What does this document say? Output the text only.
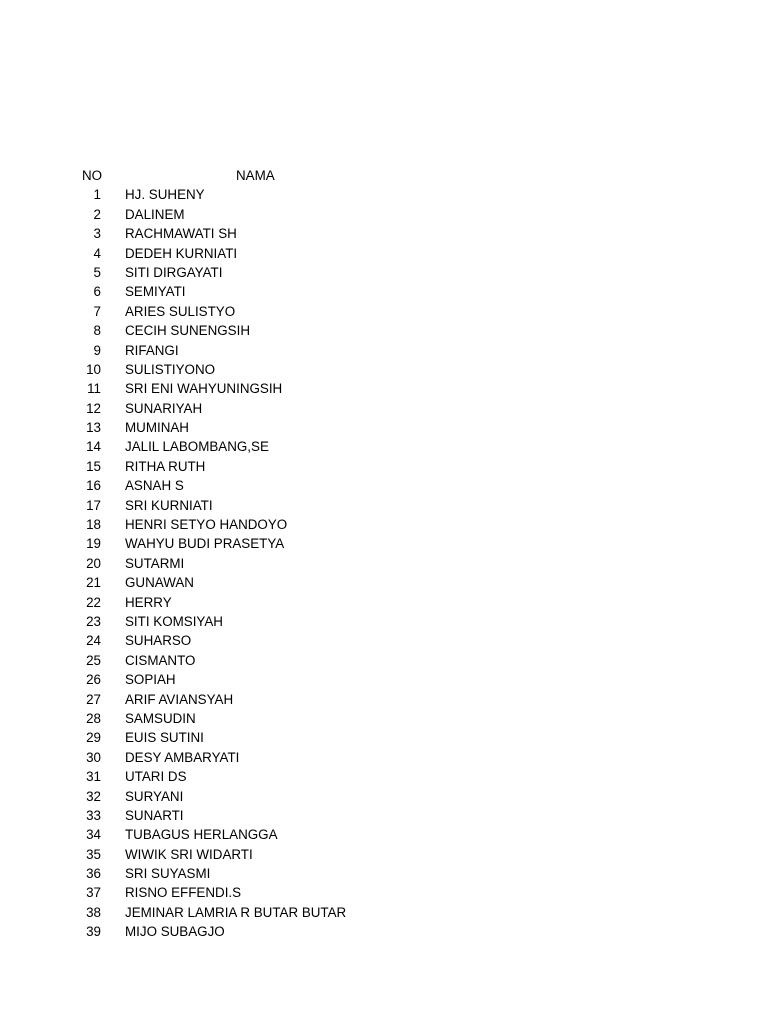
NO	NAMA
1 HJ. SUHENY
2 DALINEM
3 RACHMAWATI SH
4 DEDEH KURNIATI
5 SITI DIRGAYATI
6 SEMIYATI
7 ARIES SULISTYO
8 CECIH SUNENGSIH
9 RIFANGI
10 SULISTIYONO
11 SRI ENI WAHYUNINGSIH
12 SUNARIYAH
13 MUMINAH
14 JALIL LABOMBANG,SE
15 RITHA RUTH
16 ASNAH S
17 SRI KURNIATI
18 HENRI SETYO HANDOYO
19 WAHYU BUDI PRASETYA
20 SUTARMI
21 GUNAWAN
22 HERRY
23 SITI KOMSIYAH
24 SUHARSO
25 CISMANTO
26 SOPIAH
27 ARIF AVIANSYAH
28 SAMSUDIN
29 EUIS SUTINI
30 DESY AMBARYATI
31 UTARI DS
32 SURYANI
33 SUNARTI
34 TUBAGUS HERLANGGA
35 WIWIK SRI WIDARTI
36 SRI SUYASMI
37 RISNO EFFENDI.S
38 JEMINAR LAMRIA R BUTAR BUTAR
39 MIJO SUBAGJO
